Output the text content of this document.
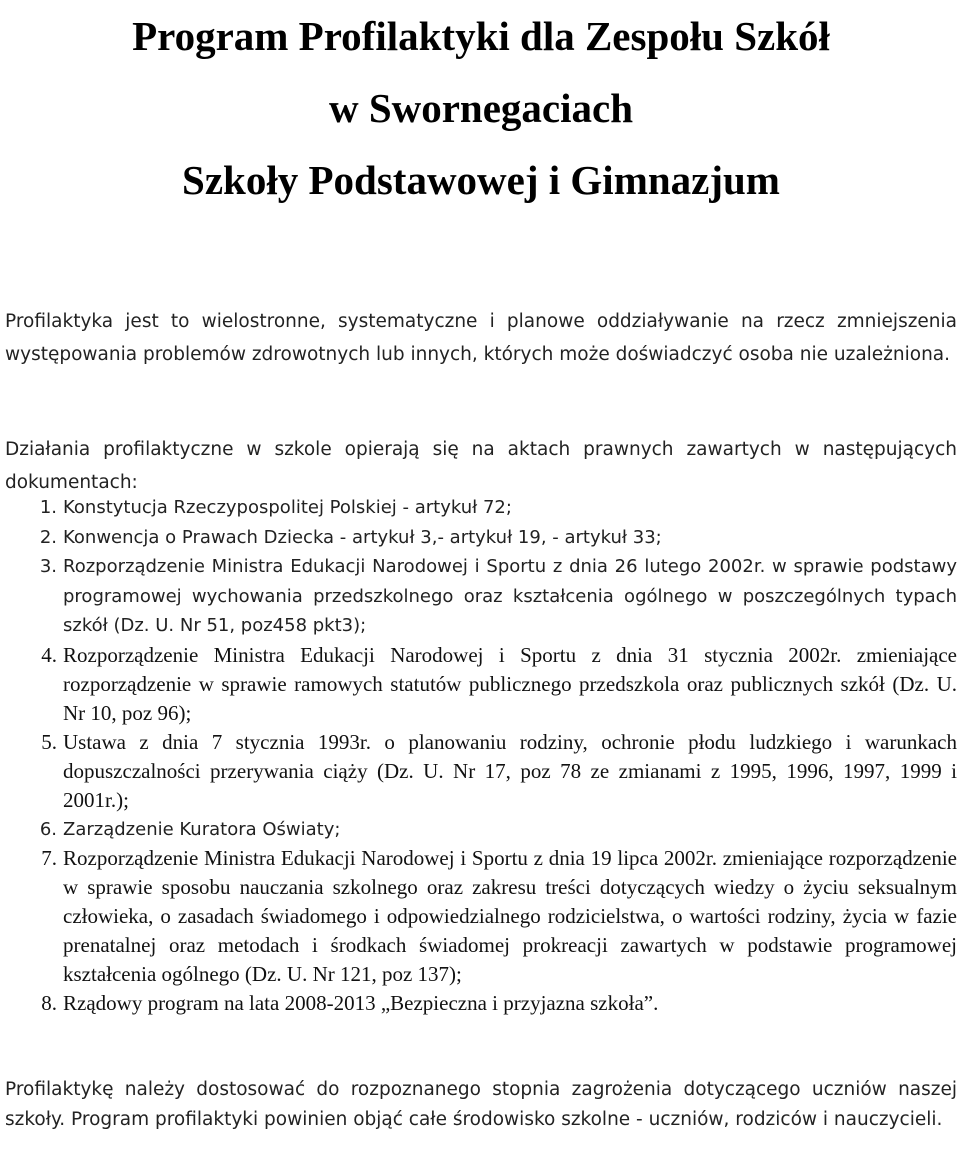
Program Profilaktyki dla Zespołu Szkół
w Swornegaciach
Szkoły Podstawowej i Gimnazjum

Profilaktyka jest to wielostronne, systematyczne i planowe oddziaływanie na rzecz zmniejszenia występowania problemów zdrowotnych lub innych, których może doświadczyć osoba nie uzależniona.

Działania profilaktyczne w szkole opierają się na aktach prawnych zawartych w następujących dokumentach:

1. Konstytucja Rzeczypospolitej Polskiej - artykuł 72;
2. Konwencja o Prawach Dziecka - artykuł 3,- artykuł 19, - artykuł 33;
3. Rozporządzenie Ministra Edukacji Narodowej i Sportu z dnia 26 lutego 2002r. w sprawie podstawy programowej wychowania przedszkolnego oraz kształcenia ogólnego w poszczególnych typach szkół (Dz. U. Nr 51, poz458 pkt3);
4. Rozporządzenie Ministra Edukacji Narodowej i Sportu z dnia 31 stycznia 2002r. zmieniające rozporządzenie w sprawie ramowych statutów publicznego przedszkola oraz publicznych szkół (Dz. U. Nr 10, poz 96);
5. Ustawa z dnia 7 stycznia 1993r. o planowaniu rodziny, ochronie płodu ludzkiego i warunkach dopuszczalności przerywania ciąży (Dz. U. Nr 17, poz 78 ze zmianami z 1995, 1996, 1997, 1999 i 2001r.);
6. Zarządzenie Kuratora Oświaty;
7. Rozporządzenie Ministra Edukacji Narodowej i Sportu z dnia 19 lipca 2002r. zmieniające rozporządzenie w sprawie sposobu nauczania szkolnego oraz zakresu treści dotyczących wiedzy o życiu seksualnym człowieka, o zasadach świadomego i odpowiedzialnego rodzicielstwa, o wartości rodziny, życia w fazie prenatalnej oraz metodach i środkach świadomej prokreacji zawartych w podstawie programowej kształcenia ogólnego (Dz. U. Nr 121, poz 137);
8. Rządowy program na lata 2008-2013 „Bezpieczna i przyjazna szkoła”.

Profilaktykę należy dostosować do rozpoznanego stopnia zagrożenia dotyczącego uczniów naszej szkoły. Program profilaktyki powinien objąć całe środowisko szkolne - uczniów, rodziców i nauczycieli.
